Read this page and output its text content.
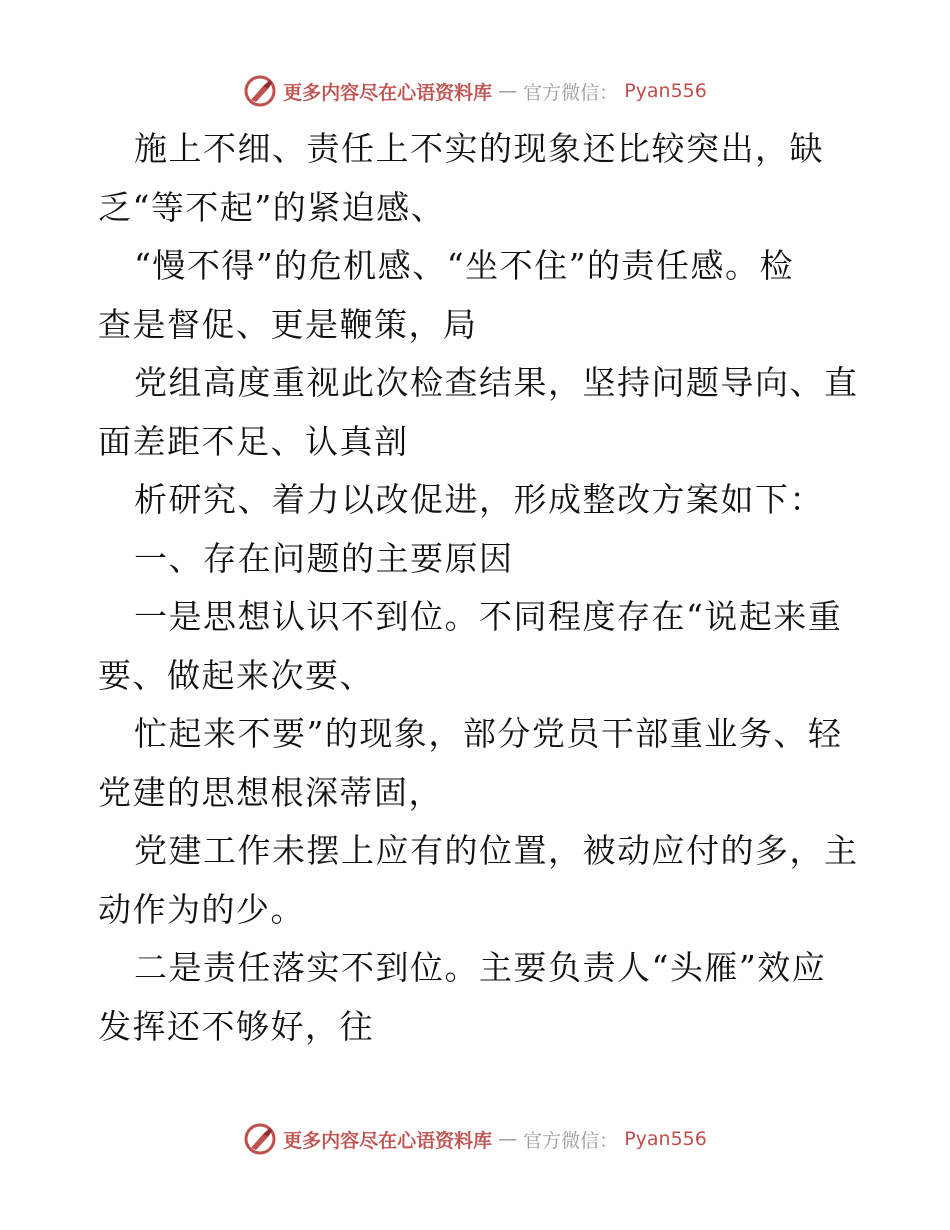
更多内容尽在心语资料库 — 官方微信： Pyan556
施上不细、责任上不实的现象还比较突出，缺
乏“等不起”的紧迫感、
“慢不得”的危机感、“坐不住”的责任感。检
查是督促、更是鞭策，局
党组高度重视此次检查结果，坚持问题导向、直
面差距不足、认真剖
析研究、着力以改促进，形成整改方案如下：
一、存在问题的主要原因
一是思想认识不到位。不同程度存在“说起来重
要、做起来次要、
忙起来不要”的现象，部分党员干部重业务、轻
党建的思想根深蒂固，
党建工作未摆上应有的位置，被动应付的多，主
动作为的少。
二是责任落实不到位。主要负责人“头雁”效应
发挥还不够好，往
更多内容尽在心语资料库 — 官方微信： Pyan556
